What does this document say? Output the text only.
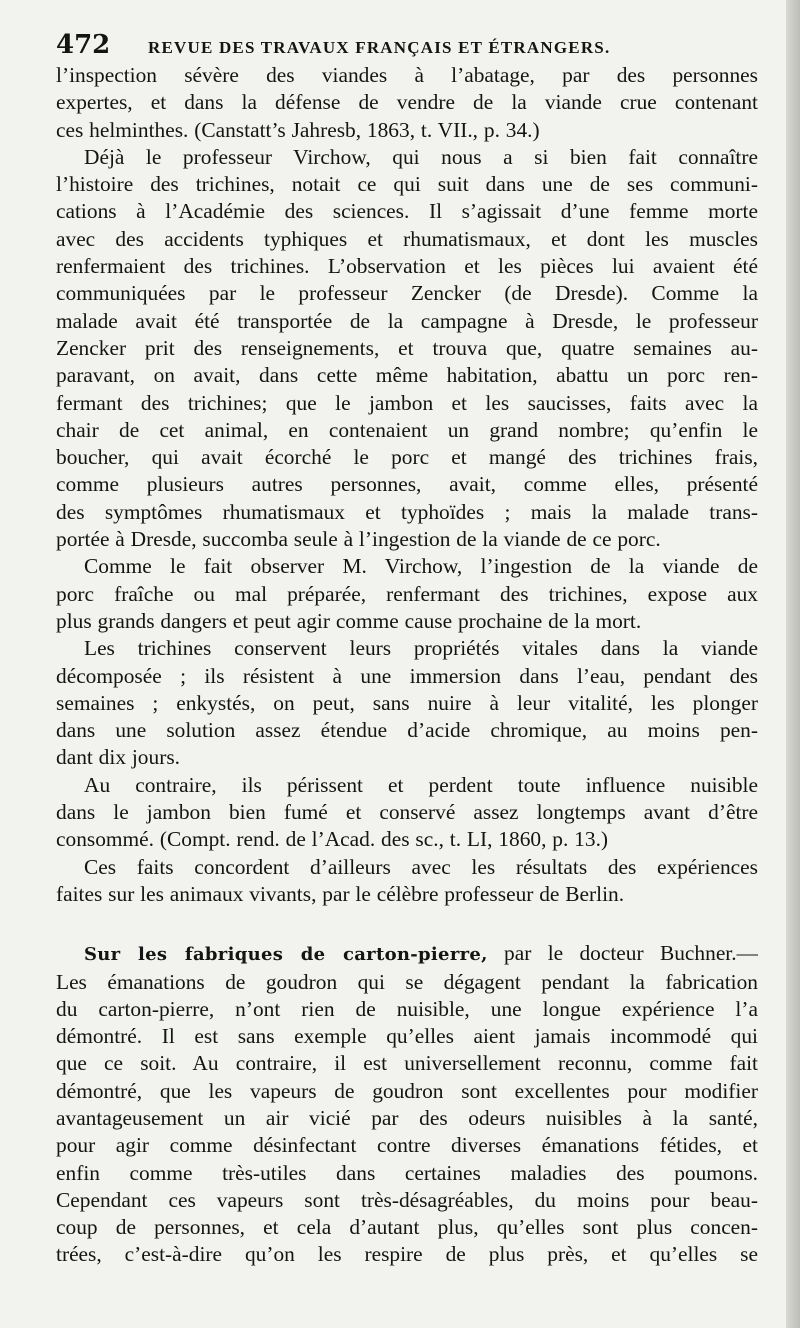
472	REVUE DES TRAVAUX FRANÇAIS ET ÉTRANGERS.
l’inspection sévère des viandes à l’abatage, par des personnes
expertes, et dans la défense de vendre de la viande crue contenant
ces helminthes. (Canstatt’s Jahresb, 1863, t. VII., p. 34.)
Déjà le professeur Virchow, qui nous a si bien fait connaître
l’histoire des trichines, notait ce qui suit dans une de ses communi-
cations à l’Académie des sciences. Il s’agissait d’une femme morte
avec des accidents typhiques et rhumatismaux, et dont les muscles
renfermaient des trichines. L’observation et les pièces lui avaient été
communiquées par le professeur Zencker (de Dresde). Comme la
malade avait été transportée de la campagne à Dresde, le professeur
Zencker prit des renseignements, et trouva que, quatre semaines au-
paravant, on avait, dans cette même habitation, abattu un porc ren-
fermant des trichines; que le jambon et les saucisses, faits avec la
chair de cet animal, en contenaient un grand nombre; qu’enfin le
boucher, qui avait écorché le porc et mangé des trichines frais,
comme plusieurs autres personnes, avait, comme elles, présenté
des symptômes rhumatismaux et typhoïdes ; mais la malade trans-
portée à Dresde, succomba seule à l’ingestion de la viande de ce porc.
Comme le fait observer M. Virchow, l’ingestion de la viande de
porc fraîche ou mal préparée, renfermant des trichines, expose aux
plus grands dangers et peut agir comme cause prochaine de la mort.
Les trichines conservent leurs propriétés vitales dans la viande
décomposée ; ils résistent à une immersion dans l’eau, pendant des
semaines ; enkystés, on peut, sans nuire à leur vitalité, les plonger
dans une solution assez étendue d’acide chromique, au moins pen-
dant dix jours.
Au contraire, ils périssent et perdent toute influence nuisible
dans le jambon bien fumé et conservé assez longtemps avant d’être
consommé. (Compt. rend. de l’Acad. des sc., t. LI, 1860, p. 13.)
Ces faits concordent d’ailleurs avec les résultats des expériences
faites sur les animaux vivants, par le célèbre professeur de Berlin.
Sur les fabriques de carton-pierre, par le docteur Buchner.—
Les émanations de goudron qui se dégagent pendant la fabrication
du carton-pierre, n’ont rien de nuisible, une longue expérience l’a
démontré. Il est sans exemple qu’elles aient jamais incommodé qui
que ce soit. Au contraire, il est universellement reconnu, comme fait
démontré, que les vapeurs de goudron sont excellentes pour modifier
avantageusement un air vicié par des odeurs nuisibles à la santé,
pour agir comme désinfectant contre diverses émanations fétides, et
enfin comme très-utiles dans certaines maladies des poumons.
Cependant ces vapeurs sont très-désagréables, du moins pour beau-
coup de personnes, et cela d’autant plus, qu’elles sont plus concen-
trées, c’est-à-dire qu’on les respire de plus près, et qu’elles se
